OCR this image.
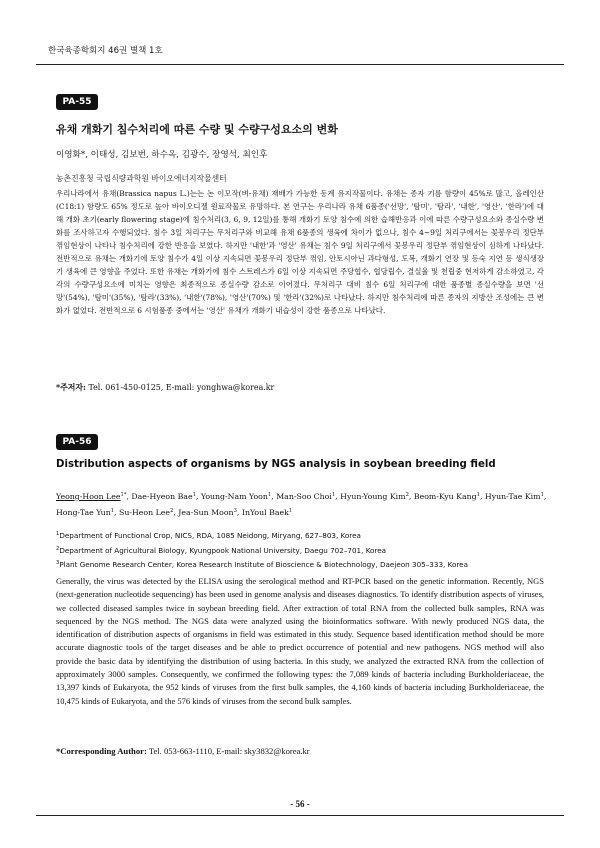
한국육종학회지 46권 별책 1호
PA-55
유채 개화기 침수처리에 따른 수량 및 수량구성요소의 변화
이영화*, 이태성, 김보번, 하수옥, 김광수, 장영석, 최인후
농촌진흥청 국립식량과학원 바이오에너지작물센터

우리나라에서 유채(Brassica napus L.)는는 논 이모작(벼-유채) 재배가 가능한 동계 유지작물이다. 유채는 종자 기름 함량이 45%로 많고, 올레인산(C18:1) 함량도 65% 정도로 높아 바이오디젤 원료작물로 유망하다. 본 연구는 우리나라 유채 6품종('선망', '탐미', '탐라', '내한', '영산', '한라')에 대해 개화 초기(early flowering stage)에 침수처리(3, 6, 9, 12일)를 통해 개화기 토양 침수에 의한 습해반응과 이에 따른 수량구성요소와 종실수량 변화를 조사하고자 수행되었다. 침수 3일 처리구는 무처리구와 비교해 유채 6품종의 생육에 차이가 없으나, 침수 4~9일 처리구에서는 꽃봉우리 정단부 꺾임현상이 나타나 침수처리에 강한 반응을 보였다. 하지만 '내한'과 '영산' 유채는 침수 9일 처리구에서 꽃봉우리 정단부 꺾임현상이 심하게 나타났다. 전반적으로 유채는 개화기에 토양 침수가 4일 이상 지속되면 꽃봉우리 정단부 꺾임, 안토시아닌 과다형성, 도복, 개화기 연장 및 등숙 지연 등 생식생장기 생육에 큰 영향을 주었다. 또한 유채는 개화기에 침수 스트레스가 6일 이상 지속되면 주당협수, 협당립수, 결실율 및 천립중 현저하게 감소하였고, 각각의 수량구성요소에 미치는 영향은 최종적으로 종실수량 감소로 이어졌다. 무처리구 대비 침수 6일 처리구에 대한 품종별 종실수량을 보면 '선망'(54%), '탐미'(35%), '탐라'(33%), '내한'(78%), '영산'(70%) 및 '한라'(32%)로 나타났다. 하지만 침수처리에 따른 종자의 지방산 조성에는 큰 변화가 없었다. 전반적으로 6 시험품종 중에서는 '영산' 유채가 개화기 내습성이 강한 품종으로 나타났다.

*주저자: Tel. 061-450-0125, E-mail: yonghwa@korea.kr
PA-56
Distribution aspects of organisms by NGS analysis in soybean breeding field

Yeong-Hoon Lee$^{1*}$, Dae-Hyeon Bae$^1$, Young-Nam Yoon$^1$, Man-Soo Choi$^1$, Hyun-Young Kim$^2$, Beom-Kyu Kang$^1$, Hyun-Tae Kim$^1$, Hong-Tae Yun$^1$, Su-Heon Lee$^2$, Jea-Sun Moon$^3$, InYoul Baek$^1$

$^1$Department of Functional Crop, NICS, RDA, 1085 Neidong, Miryang, 627–803, Korea
$^2$Department of Agricultural Biology, Kyungpook National University, Daegu 702–701, Korea
$^3$Plant Genome Research Center, Korea Research Institute of Bioscience & Biotechnology, Daejeon 305–333, Korea

Generally, the virus was detected by the ELISA using the serological method and RT-PCR based on the genetic information. Recently, NGS (next-generation nucleotide sequencing) has been used in genome analysis and diseases diagnostics. To identify distribution aspects of viruses, we collected diseased samples twice in soybean breeding field. After extraction of total RNA from the collected bulk samples, RNA was sequenced by the NGS method. The NGS data were analyzed using the bioinformatics software. With newly produced NGS data, the identification of distribution aspects of organisms in field was estimated in this study. Sequence based identification method should be more accurate diagnostic tools of the target diseases and be able to predict occurrence of potential and new pathogens. NGS method will also provide the basic data by identifying the distribution of using bacteria. In this study, we analyzed the extracted RNA from the collection of approximately 3000 samples. Consequently, we confirmed the following types: the 7,089 kinds of bacteria including Burkholderiaceae, the 13,397 kinds of Eukaryota, the 952 kinds of viruses from the first bulk samples, the 4,160 kinds of bacteria including Burkholderiaceae, the 10,475 kinds of Eukaryota, and the 576 kinds of viruses from the second bulk samples.

*Corresponding Author: Tel. 053-663-1110, E-mail: sky3832@korea.kr
- 56 -
